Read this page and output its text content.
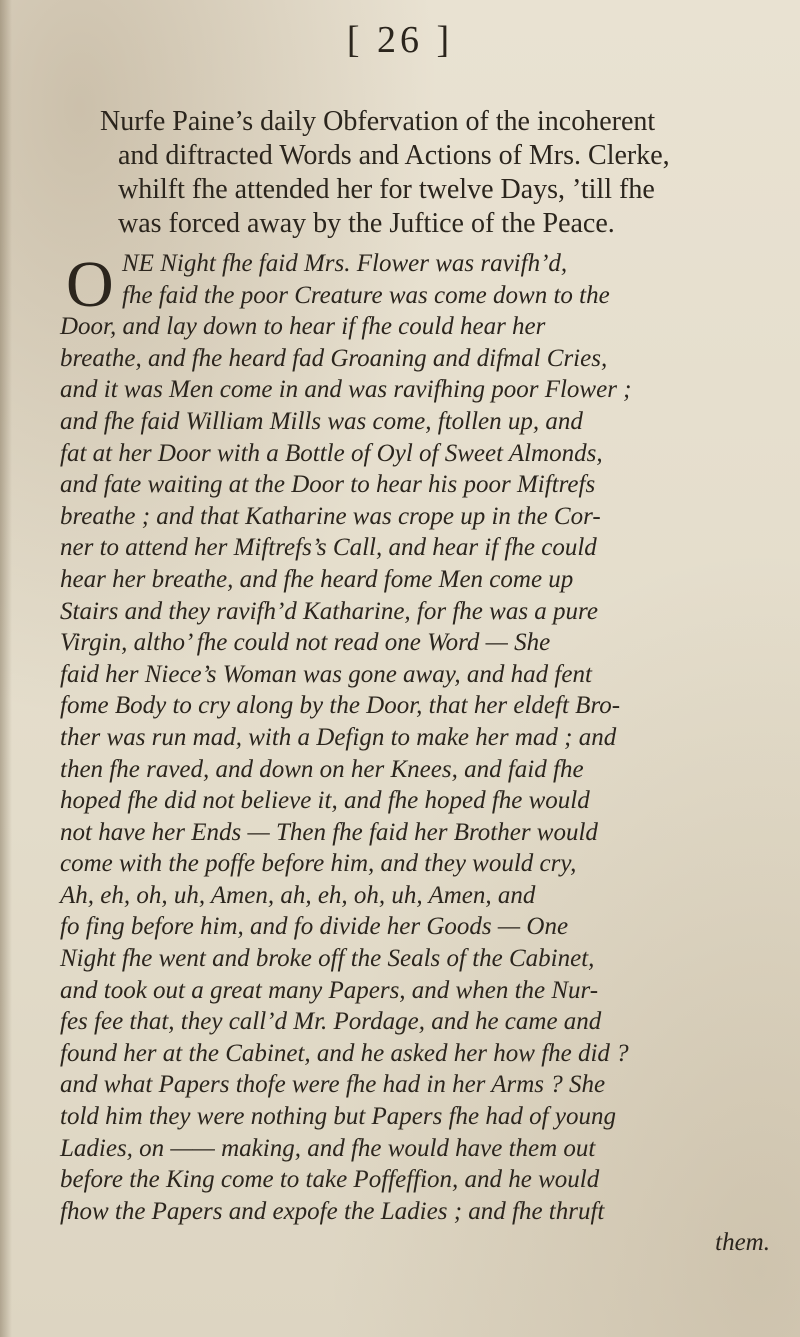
[ 26 ]
Nurfe Paine’s daily Obfervation of the incoherent
and diftracted Words and Actions of Mrs. Clerke,
whilft fhe attended her for twelve Days, ’till fhe
was forced away by the Juftice of the Peace.
O NE Night fhe faid Mrs. Flower was ravifh’d,
fhe faid the poor Creature was come down to the
Door, and lay down to hear if fhe could hear her
breathe, and fhe heard fad Groaning and difmal Cries,
and it was Men come in and was ravifhing poor Flower ;
and fhe faid William Mills was come, ftollen up, and
fat at her Door with a Bottle of Oyl of Sweet Almonds,
and fate waiting at the Door to hear his poor Miftrefs
breathe ; and that Katharine was crope up in the Cor-
ner to attend her Miftrefs’s Call, and hear if fhe could
hear her breathe, and fhe heard fome Men come up
Stairs and they ravifh’d Katharine, for fhe was a pure
Virgin, altho’ fhe could not read one Word — She
faid her Niece’s Woman was gone away, and had fent
fome Body to cry along by the Door, that her eldeft Bro-
ther was run mad, with a Defign to make her mad ; and
then fhe raved, and down on her Knees, and faid fhe
hoped fhe did not believe it, and fhe hoped fhe would
not have her Ends — Then fhe faid her Brother would
come with the poffe before him, and they would cry,
Ah, eh, oh, uh, Amen, ah, eh, oh, uh, Amen, and
fo fing before him, and fo divide her Goods — One
Night fhe went and broke off the Seals of the Cabinet,
and took out a great many Papers, and when the Nur-
fes fee that, they call’d Mr. Pordage, and he came and
found her at the Cabinet, and he asked her how fhe did ?
and what Papers thofe were fhe had in her Arms ? She
told him they were nothing but Papers fhe had of young
Ladies, on —— making, and fhe would have them out
before the King come to take Poffeffion, and he would
fhow the Papers and expofe the Ladies ; and fhe thruft
them.
